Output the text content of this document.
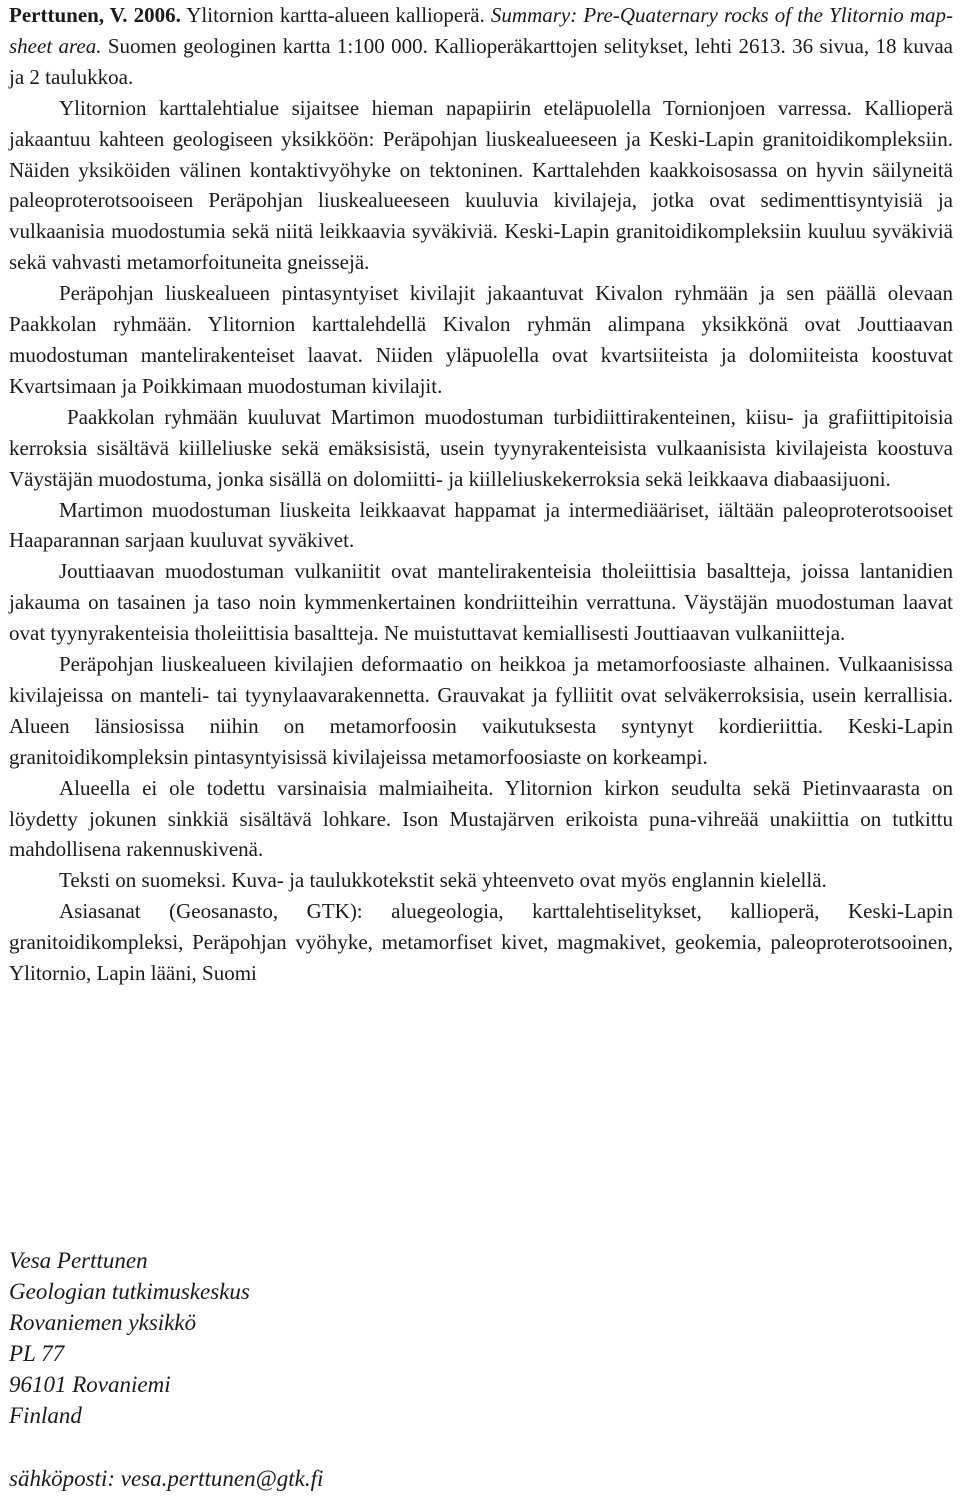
Perttunen, V. 2006. Ylitornion kartta-alueen kallioperä. Summary: Pre-Quaternary rocks of the Ylitornio map-sheet area. Suomen geologinen kartta 1:100 000. Kallioperäkarttojen selitykset, lehti 2613. 36 sivua, 18 kuvaa ja 2 taulukkoa.

Ylitornion karttalehtialue sijaitsee hieman napapiirin eteläpuolella Tornionjoen varressa. Kallioperä jakaantuu kahteen geologiseen yksikköön: Peräpohjan liuskealueeseen ja Keski-Lapin granitoidikompleksiin. Näiden yksiköiden välinen kontaktivyöhyke on tektoninen. Karttalehden kaakkoisosassa on hyvin säilyneitä paleoproterotsooiseen Peräpohjan liuskealueeseen kuuluvia kivilajeja, jotka ovat sedimenttisyntyisiä ja vulkaanisia muodostumia sekä niitä leikkaavia syväkiviä. Keski-Lapin granitoidikompleksiin kuuluu syväkiviä sekä vahvasti metamorfoituneita gneissejä.

Peräpohjan liuskealueen pintasyntyiset kivilajit jakaantuvat Kivalon ryhmään ja sen päällä olevaan Paakkolan ryhmään. Ylitornion karttalehdellä Kivalon ryhmän alimpana yksikkönä ovat Jouttiaavan muodostuman mantelirakenteiset laavat. Niiden yläpuolella ovat kvartsiiteista ja dolomiiteista koostuvat Kvartsimaan ja Poikkimaan muodostuman kivilajit.

Paakkolan ryhmään kuuluvat Martimon muodostuman turbidiittirakenteinen, kiisu- ja grafiittipitoisia kerroksia sisältävä kiilleliuske sekä emäksisistä, usein tyynyrakenteisista vulkaanisista kivilajeista koostuva Väystäjän muodostuma, jonka sisällä on dolomiitti- ja kiilleliuskekerroksia sekä leikkaava diabaasijuoni.

Martimon muodostuman liuskeita leikkaavat happamat ja intermediääriset, iältään paleoproterotsooiset Haaparannan sarjaan kuuluvat syväkivet.

Jouttiaavan muodostuman vulkaniitit ovat mantelirakenteisia tholeiittisia basaltteja, joissa lantanidien jakauma on tasainen ja taso noin kymmenkertainen kondriitteihin verrattuna. Väystäjän muodostuman laavat ovat tyynyrakenteisia tholeiittisia basaltteja. Ne muistuttavat kemiallisesti Jouttiaavan vulkaniitteja.

Peräpohjan liuskealueen kivilajien deformaatio on heikkoa ja metamorfoosiaste alhainen. Vulkaanisissa kivilajeissa on manteli- tai tyynylaavarakennetta. Grauvakat ja fylliitit ovat selväkerroksisia, usein kerrallisia. Alueen länsiosissa niihin on metamorfoosin vaikutuksesta syntynyt kordieriittia. Keski-Lapin granitoidikompleksin pintasyntyisissä kivilajeissa metamorfoosiaste on korkeampi.

Alueella ei ole todettu varsinaisia malmiaiheita. Ylitornion kirkon seudulta sekä Pietinvaarasta on löydetty jokunen sinkkiä sisältävä lohkare. Ison Mustajärven erikoista puna-vihreää unakiittia on tutkittu mahdollisena rakennuskivenä.

Teksti on suomeksi. Kuva- ja taulukkotekstit sekä yhteenveto ovat myös englannin kielellä.

Asiasanat (Geosanasto, GTK): aluegeologia, karttalehtiselitykset, kallioperä, Keski-Lapin granitoidikompleksi, Peräpohjan vyöhyke, metamorfiset kivet, magmakivet, geokemia, paleoproterotsooinen, Ylitornio, Lapin lääni, Suomi

Vesa Perttunen
Geologian tutkimuskeskus
Rovaniemen yksikkö
PL 77
96101 Rovaniemi
Finland
sähköposti: vesa.perttunen@gtk.fi
